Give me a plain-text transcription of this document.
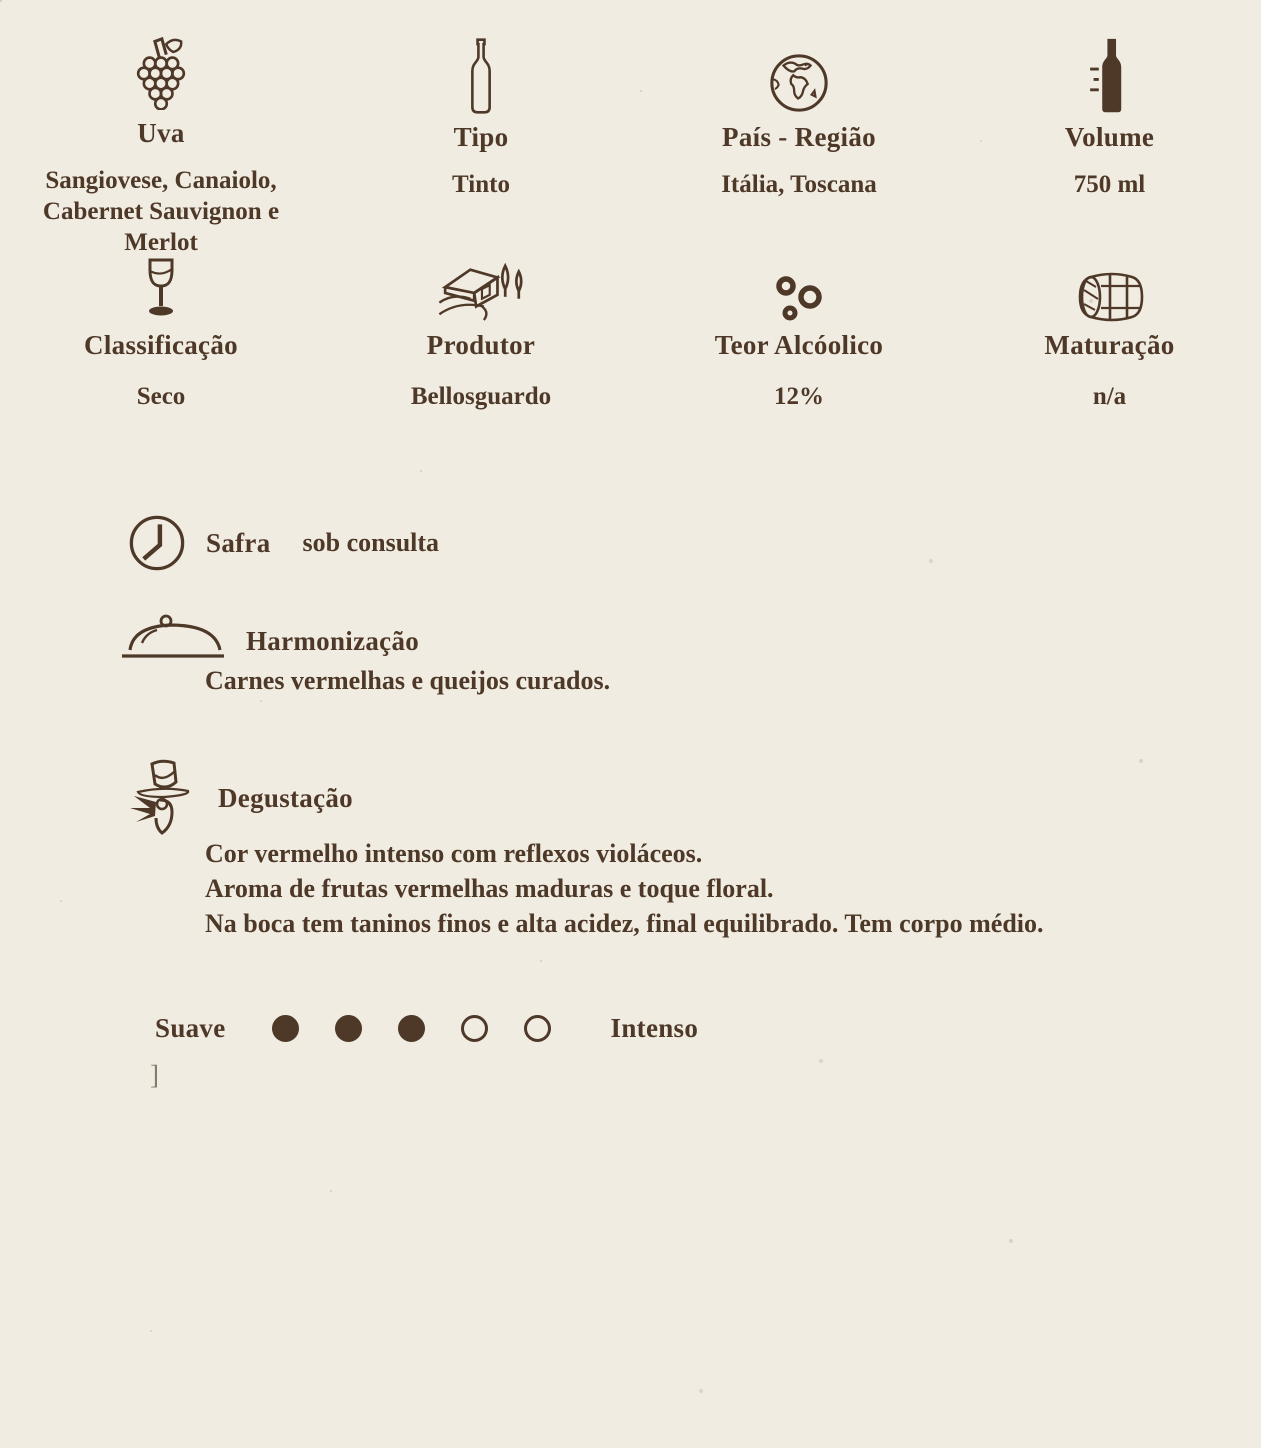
Uva
Sangiovese, Canaiolo, Cabernet Sauvignon e Merlot
Tipo
Tinto
País - Região
Itália, Toscana
Volume
750 ml
Classificação
Seco
Produtor
Bellosguardo
Teor Alcóolico
12%
Maturação
n/a
Safra sob consulta
Harmonização
Carnes vermelhas e queijos curados.
Degustação
Cor vermelho intenso com reflexos violáceos.
Aroma de frutas vermelhas maduras e toque floral.
Na boca tem taninos finos e alta acidez, final equilibrado. Tem corpo médio.
Suave	Intenso
]
